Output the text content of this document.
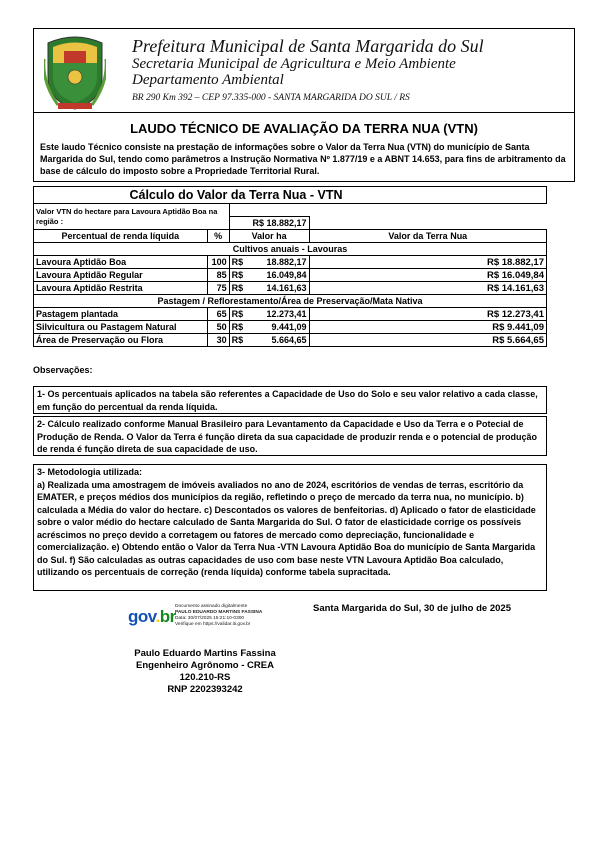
Prefeitura Municipal de Santa Margarida do Sul
Secretaria Municipal de Agricultura e Meio Ambiente
Departamento Ambiental
BR 290 Km 392 – CEP 97.335-000 - SANTA MARGARIDA DO SUL / RS
LAUDO TÉCNICO DE AVALIAÇÃO DA TERRA NUA (VTN)
Este laudo Técnico consiste na prestação de informações sobre o Valor da Terra Nua (VTN) do município de Santa Margarida do Sul, tendo como parâmetros a Instrução Normativa Nº 1.877/19 e a ABNT 14.653, para fins de arbitramento da base de cálculo do imposto sobre a Propriedade Territorial Rural.
Cálculo do Valor da Terra Nua - VTN				
Valor VTN do hectare para Lavoura Aptidão Boa na região :				
		R$ 18.882,17		
Percentual de renda líquida	%	Valor ha		Valor da Terra Nua
Cultivos anuais - Lavouras				
Lavoura Aptidão Boa	100	R$	18.882,17	R$ 18.882,17
Lavoura Aptidão Regular	85	R$	16.049,84	R$ 16.049,84
Lavoura Aptidão Restrita	75	R$	14.161,63	R$ 14.161,63
Pastagem / Reflorestamento/Área de Preservação/Mata Nativa				
Pastagem plantada	65	R$	12.273,41	R$ 12.273,41
Silvicultura ou Pastagem Natural	50	R$	9.441,09	R$ 9.441,09
Área de Preservação ou Flora	30	R$	5.664,65	R$ 5.664,65
Observações:
1- Os percentuais aplicados na tabela são referentes a Capacidade de Uso do Solo e seu valor relativo a cada classe, em função do percentual da renda líquida.
2- Cálculo realizado conforme Manual Brasileiro para Levantamento da Capacidade e Uso da Terra e o Potecial de Produção de Renda. O Valor da Terra é função direta da sua capacidade de produzir renda e o potencial de produção de renda é função direta de sua capacidade de uso.
3- Metodologia utilizada:
a) Realizada uma amostragem de imóveis avaliados no ano de 2024, escritórios de vendas de terras, escritório da EMATER, e preços médios dos municípios da região, refletindo o preço de mercado da terra nua, no município. b) calculada a Média do valor do hectare. c) Descontados os valores de benfeitorias. d) Aplicado o fator de elasticidade sobre o valor médio do hectare calculado de Santa Margarida do Sul. O fator de elasticidade corrige os possíveis acréscimos no preço devido a corretagem ou fatores de mercado como depreciação, funcionalidade e comercialização. e) Obtendo então o Valor da Terra Nua -VTN Lavoura Aptidão Boa do município de Santa Margarida do Sul. f) São calculadas as outras capacidades de uso com base neste VTN Lavoura Aptidão Boa calculado, utilizando os percentuais de correção (renda líquida) conforme tabela supracitada.
gov.br
Documento assinado digitalmente
PAULO EDUARDO MARTINS FASSINA
Data: 30/07/2025 15:21:10-0300
Verifique em https://validar.iti.gov.br
Santa Margarida do Sul, 30 de julho de 2025
Paulo Eduardo Martins Fassina
Engenheiro Agrônomo - CREA 120.210-RS
RNP 2202393242
